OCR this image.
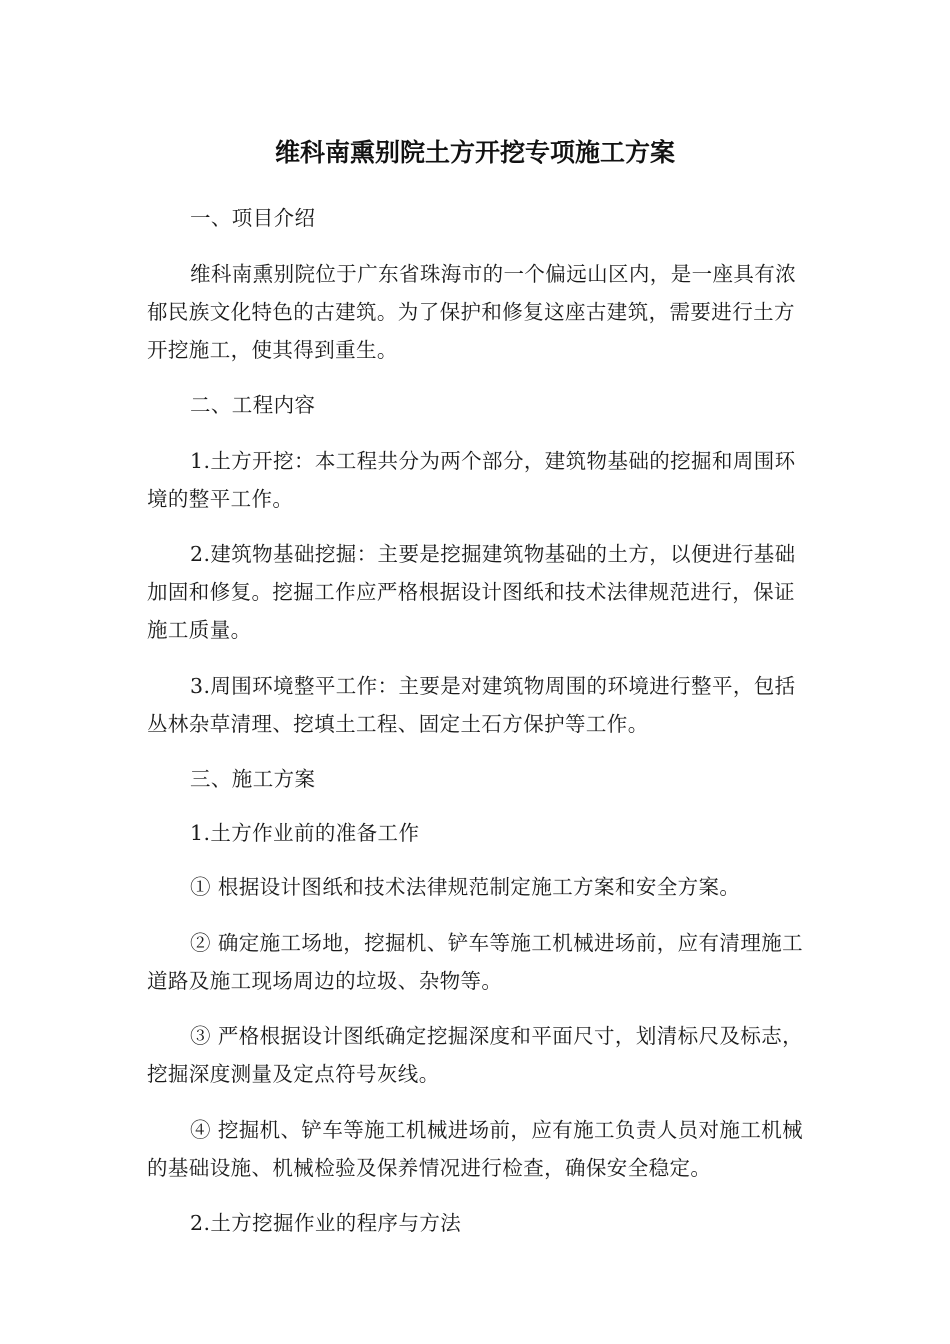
维科南熏别院土方开挖专项施工方案

一、项目介绍

维科南熏别院位于广东省珠海市的一个偏远山区内，是一座具有浓郁民族文化特色的古建筑。为了保护和修复这座古建筑，需要进行土方开挖施工，使其得到重生。

二、工程内容

1.土方开挖：本工程共分为两个部分，建筑物基础的挖掘和周围环境的整平工作。

2.建筑物基础挖掘：主要是挖掘建筑物基础的土方，以便进行基础加固和修复。挖掘工作应严格根据设计图纸和技术法律规范进行，保证施工质量。

3.周围环境整平工作：主要是对建筑物周围的环境进行整平，包括丛林杂草清理、挖填土工程、固定土石方保护等工作。

三、施工方案

1.土方作业前的准备工作

① 根据设计图纸和技术法律规范制定施工方案和安全方案。

② 确定施工场地，挖掘机、铲车等施工机械进场前，应有清理施工道路及施工现场周边的垃圾、杂物等。

③ 严格根据设计图纸确定挖掘深度和平面尺寸，划清标尺及标志，挖掘深度测量及定点符号灰线。

④ 挖掘机、铲车等施工机械进场前，应有施工负责人员对施工机械的基础设施、机械检验及保养情况进行检查，确保安全稳定。

2.土方挖掘作业的程序与方法
